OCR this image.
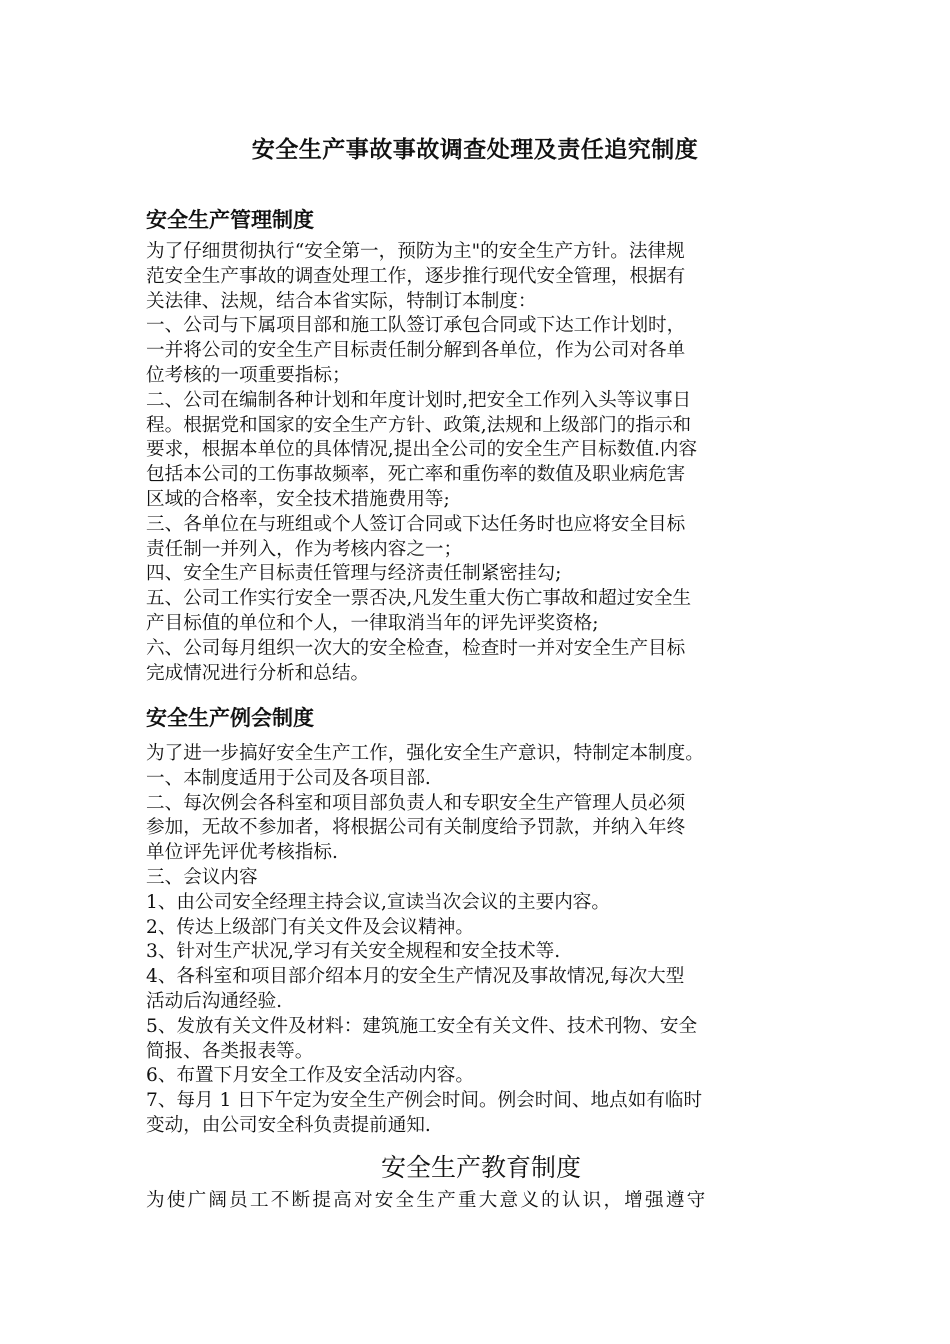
安全生产事故事故调查处理及责任追究制度
安全生产管理制度

为了仔细贯彻执行“安全第一，预防为主"的安全生产方针。法律规
范安全生产事故的调查处理工作，逐步推行现代安全管理，根据有
关法律、法规，结合本省实际，特制订本制度：
一、公司与下属项目部和施工队签订承包合同或下达工作计划时，
一并将公司的安全生产目标责任制分解到各单位，作为公司对各单
位考核的一项重要指标；
二、公司在编制各种计划和年度计划时,把安全工作列入头等议事日
程。根据党和国家的安全生产方针、政策,法规和上级部门的指示和
要求，根据本单位的具体情况,提出全公司的安全生产目标数值.内容
包括本公司的工伤事故频率，死亡率和重伤率的数值及职业病危害
区域的合格率，安全技术措施费用等;
三、各单位在与班组或个人签订合同或下达任务时也应将安全目标
责任制一并列入，作为考核内容之一；
四、安全生产目标责任管理与经济责任制紧密挂勾;
五、公司工作实行安全一票否决,凡发生重大伤亡事故和超过安全生
产目标值的单位和个人，一律取消当年的评先评奖资格;
六、公司每月组织一次大的安全检查，检查时一并对安全生产目标
完成情况进行分析和总结。

安全生产例会制度

为了进一步搞好安全生产工作，强化安全生产意识，特制定本制度。
一、本制度适用于公司及各项目部.
二、每次例会各科室和项目部负责人和专职安全生产管理人员必须
参加，无故不参加者，将根据公司有关制度给予罚款，并纳入年终
单位评先评优考核指标.
三、会议内容
1、由公司安全经理主持会议,宣读当次会议的主要内容。
2、传达上级部门有关文件及会议精神。
3、针对生产状况,学习有关安全规程和安全技术等.
4、各科室和项目部介绍本月的安全生产情况及事故情况,每次大型
活动后沟通经验.
5、发放有关文件及材料：建筑施工安全有关文件、技术刊物、安全
简报、各类报表等。
6、布置下月安全工作及安全活动内容。
7、每月 1 日下午定为安全生产例会时间。例会时间、地点如有临时
变动，由公司安全科负责提前通知.

安全生产教育制度

为使广阔员工不断提高对安全生产重大意义的认识，增强遵守
